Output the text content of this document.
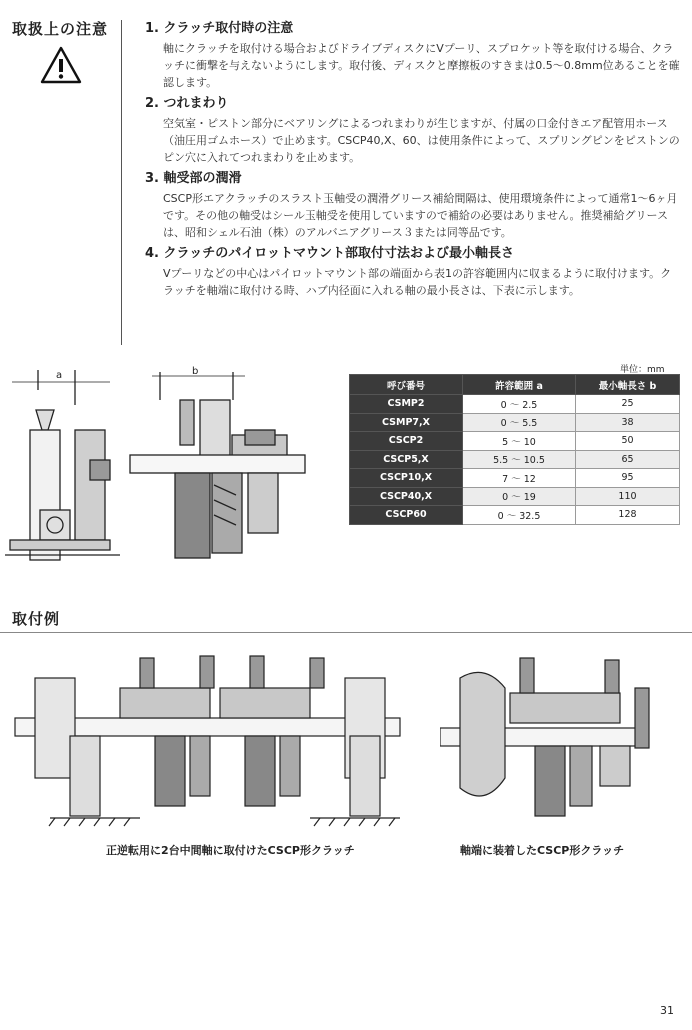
取扱上の注意	1. クラッチ取付時の注意
軸にクラッチを取付ける場合およびドライブディスクにVプーリ、スプロケット等を取付ける場合、クラッチに衝撃を与えないようにします。取付後、ディスクと摩擦板のすきまは0.5～0.8mm位あることを確認します。
2. つれまわり
空気室・ピストン部分にベアリングによるつれまわりが生じますが、付属の口金付きエア配管用ホース（油圧用ゴムホース）で止めます。CSCP40,X、60、は使用条件によって、スプリングピンをピストンのピン穴に入れてつれまわりを止めます。
3. 軸受部の潤滑
CSCP形エアクラッチのスラスト玉軸受の潤滑グリース補給間隔は、使用環境条件によって通常1～6ヶ月です。その他の軸受はシール玉軸受を使用していますので補給の必要はありません。推奨補給グリースは、昭和シェル石油（株）のアルバニアグリース３または同等品です。
4. クラッチのパイロットマウント部取付寸法および最小軸長さ
Vプーリなどの中心はパイロットマウント部の端面から表1の許容範囲内に収まるように取付けます。クラッチを軸端に取付ける時、ハブ内径面に入れる軸の最小長さは、下表に示します。
a	b	単位：mm
呼び番号	許容範囲 a	最小軸長さ b
CSMP2	0 ～ 2.5	25
CSMP7,X	0 ～ 5.5	38
CSCP2	5 ～ 10	50
CSCP5,X	5.5 ～ 10.5	65
CSCP10,X	7 ～ 12	95
CSCP40,X	0 ～ 19	110
CSCP60	0 ～ 32.5	128
取付例
正逆転用に2台中間軸に取付けたCSCP形クラッチ	軸端に装着したCSCP形クラッチ
31
